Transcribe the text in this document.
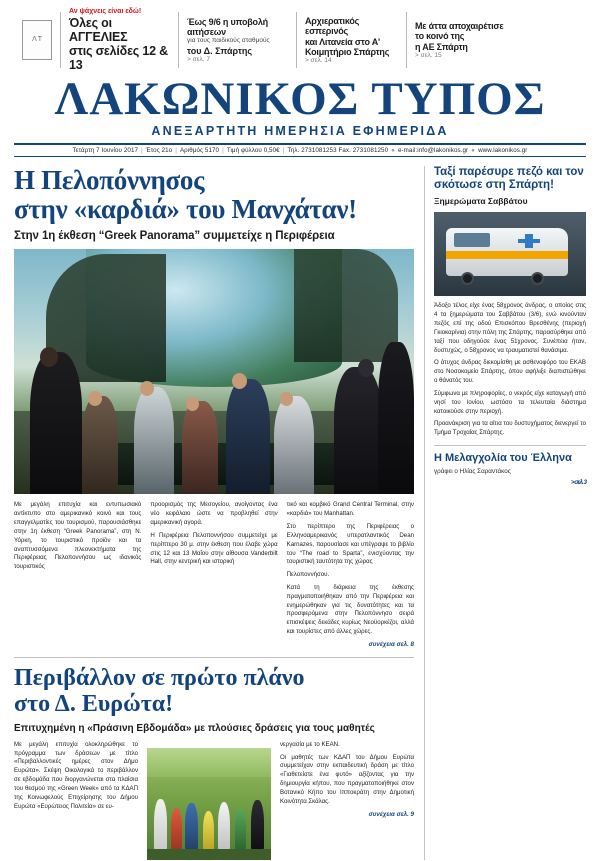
Λ Τ
Αν ψάχνεις είναι εδώ!
Όλες οι ΑΓΓΕΛΙΕΣ
στις σελίδες 12 & 13
Έως 9/6 η υποβολή αιτήσεων
για τους παιδικούς σταθμούς
του Δ. Σπάρτης
> σελ. 7
Αρχιερατικός εσπερινός
και Λιτανεία στο Α'
Κοιμητήριο Σπάρτης
> σελ. 14
Με άττα αποχαιρέτισε
το κοινό της
η ΑΕ Σπάρτη
> σελ. 15
ΛΑΚΩΝΙΚΟΣ ΤΥΠΟΣ
ΑΝΕΞΑΡΤΗΤΗ ΗΜΕΡΗΣΙΑ ΕΦΗΜΕΡΙΔΑ
Τετάρτη 7 Ιουνίου 2017 | Έτος 21ο | Αριθμός 5170 | Τιμή φύλλου 0,50€ | Τηλ. 2731081253 Fax. 2731081250 ● e-mail:info@lakonikos.gr ● www.lakonikos.gr
Η Πελοπόννησος
στην «καρδιά» του Μανχάταν!
Στην 1η έκθεση “Greek Panorama” συμμετείχε η Περιφέρεια

Με μεγάλη επιτυχία και εντυπωσιακό αντίκτυπο στο αμερικανικό κοινό και τους επαγγελματίες του τουρισμού, παρουσιάσθηκε στην 1η έκθεση “Greek Panorama”, στη Ν. Υόρκη, το τουριστικό προϊόν και τα αναπτυσσόμενα πλεονεκτήματα της Περιφέρειας Πελοποννήσου ως ιδανικός τουριστικός

προορισμός της Μεσογείου, ανοίγοντας ένα νέο κεφάλαιο ώστε να προβληθεί στην αμερικανική αγορά.

Η Περιφέρεια Πελοποννήσου συμμετείχε με περίπτερο 30 μ. στην έκθεση που έλαβε χώρα στις 12 και 13 Μαΐου στην αίθουσα Vanderbilt Hall, στην κεντρική και ιστορική

τικό και κομβικό Grand Central Terminal, στην «καρδιά» του Manhattan.

Στο περίπτερο της Περιφέρειας ο Ελληνοαμερικανός υπερατλαντικός Dean Karnazes, παρουσίασε και υπέγραψε το βιβλίο του “The road to Sparta”, ενισχύοντας την τουριστική ταυτότητα της χώρας

Πελοποννήσου.

Κατά τη διάρκεια της έκθεσης πραγματοποιήθηκαν από την Περιφέρεια και ενημερώθηκαν για τις δυνατότητες και τα προσφερόμενα στην Πελοπόννησο σειρά επισκέψεις δεκάδες κυρίως Νεοϋορκέζοι, αλλά και τουρίστες από άλλες χώρες.

συνέχεια σελ. 8
Περιβάλλον σε πρώτο πλάνο
στο Δ. Ευρώτα!
Επιτυχημένη η «Πράσινη Εβδομάδα» με πλούσιες δράσεις για τους μαθητές

Με μεγάλη επιτυχία ολοκληρώθηκε το πρόγραμμα των δράσεων με τίτλο «Περιβαλλοντικές ημέρες στον Δήμο Ευρώτα». Σκέψη Οικολογικά το περιβάλλον σε εβδομάδα που διοργανώνεται στα πλαίσια του θεσμού της «Green Week» από τα ΚΔΑΠ της Κοινωφελούς Επιχείρησης του Δήμου Ευρώτα «Ευρώτειος Πολιτεία» σε ευ-

νεργασία με το ΚΕΑΝ.

Οι μαθητές των ΚΔΑΠ του Δήμου Ευρώτα συμμετείχαν στην εκπαιδευτική δράση με τίτλο «Γιαθετείστε ένα φυτό» αξίζοντας για την δημιουργία κήπου, που πραγματοποιήθηκε στον Βοτανικό Κήπο του Ιπποκράτη στην Δημοτική Κοινότητα Σκάλας.

συνέχεια σελ. 9
Ταξί παρέσυρε πεζό και τον σκότωσε στη Σπάρτη!
Ξημερώματα Σαββάτου

Άδοξο τέλος είχε ένας 58χρονος άνδρας, ο οποίος στις 4 τα ξημερώματα του Σαββάτου (3/6), ενώ κινούνταν πεζός επί της οδού Επισκόπου Βρεσθένης (περιοχή Γκιοκαρίνια) στην πόλη της Σπάρτης, παρασύρθηκε από ταξί που οδηγούσε ένας 51χρονος. Συνέπεια ήταν, δυστυχώς, ο 58χρονος να τραυματιστεί θανάσιμα.

Ο άτυχος άνδρας διεκομίσθη με ασθενοφόρο του ΕΚΑΒ στο Νοσοκομείο Σπάρτης, όπου αφήλιξε διαπιστώθηκε ο θάνατός του.

Σύμφωνα με πληροφορίες, ο νεκρός είχε καταγωγή από νησί του Ιονίου, ωστόσο τα τελευταία διάστημα κατοικούσε στην περιοχή.

Προανάκριση για τα αίτια του δυστυχήματος διενεργεί το Τμήμα Τροχαίας Σπάρτης.

Η Μελαγχολία του Έλληνα
γράφει ο Ηλίας Σαραντάκος
> σελ. 3
